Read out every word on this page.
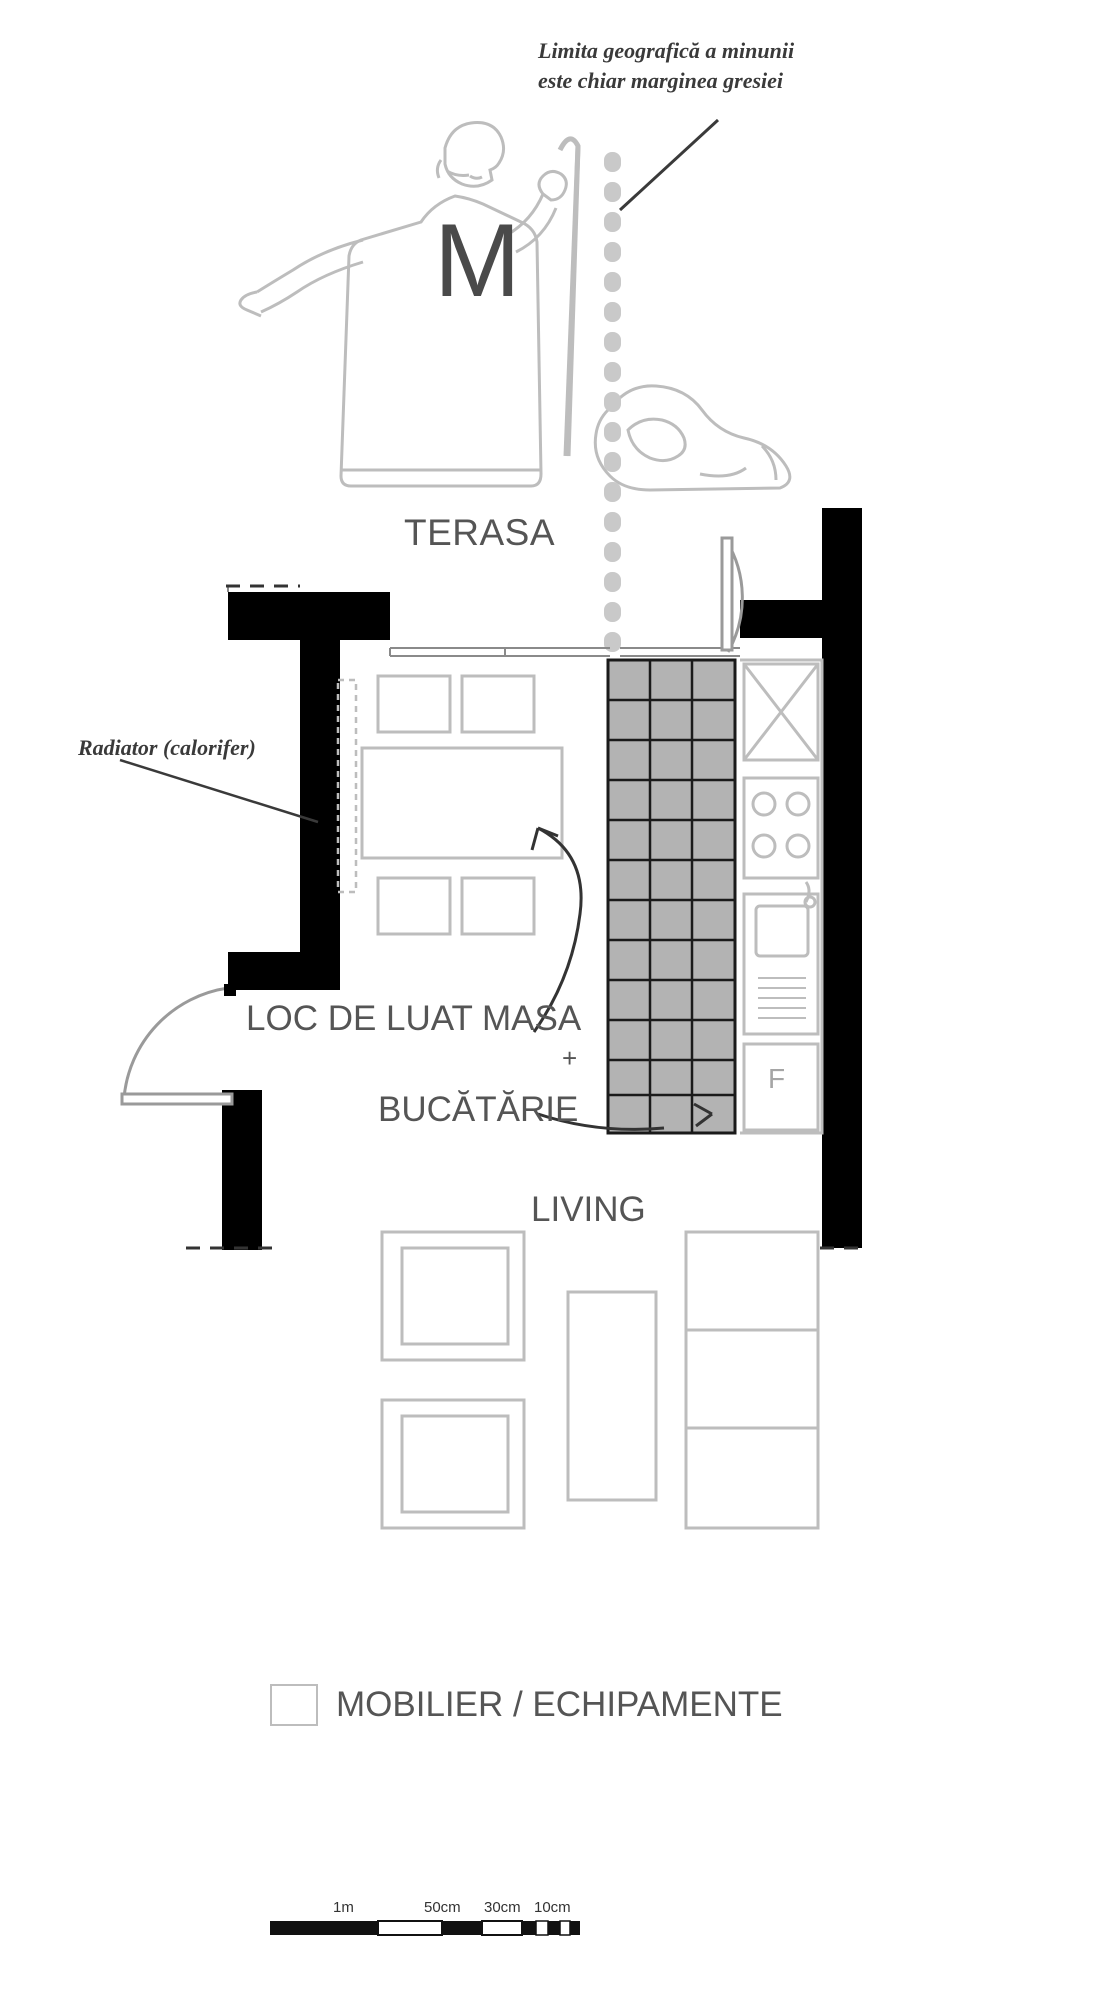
M
F
Limita geografică a minunii
este chiar marginea gresiei
Radiator (calorifer)
TERASA
LOC DE LUAT MASA
+
BUCĂTĂRIE
LIVING
MOBILIER / ECHIPAMENTE
1m	50cm 30cm 10cm
